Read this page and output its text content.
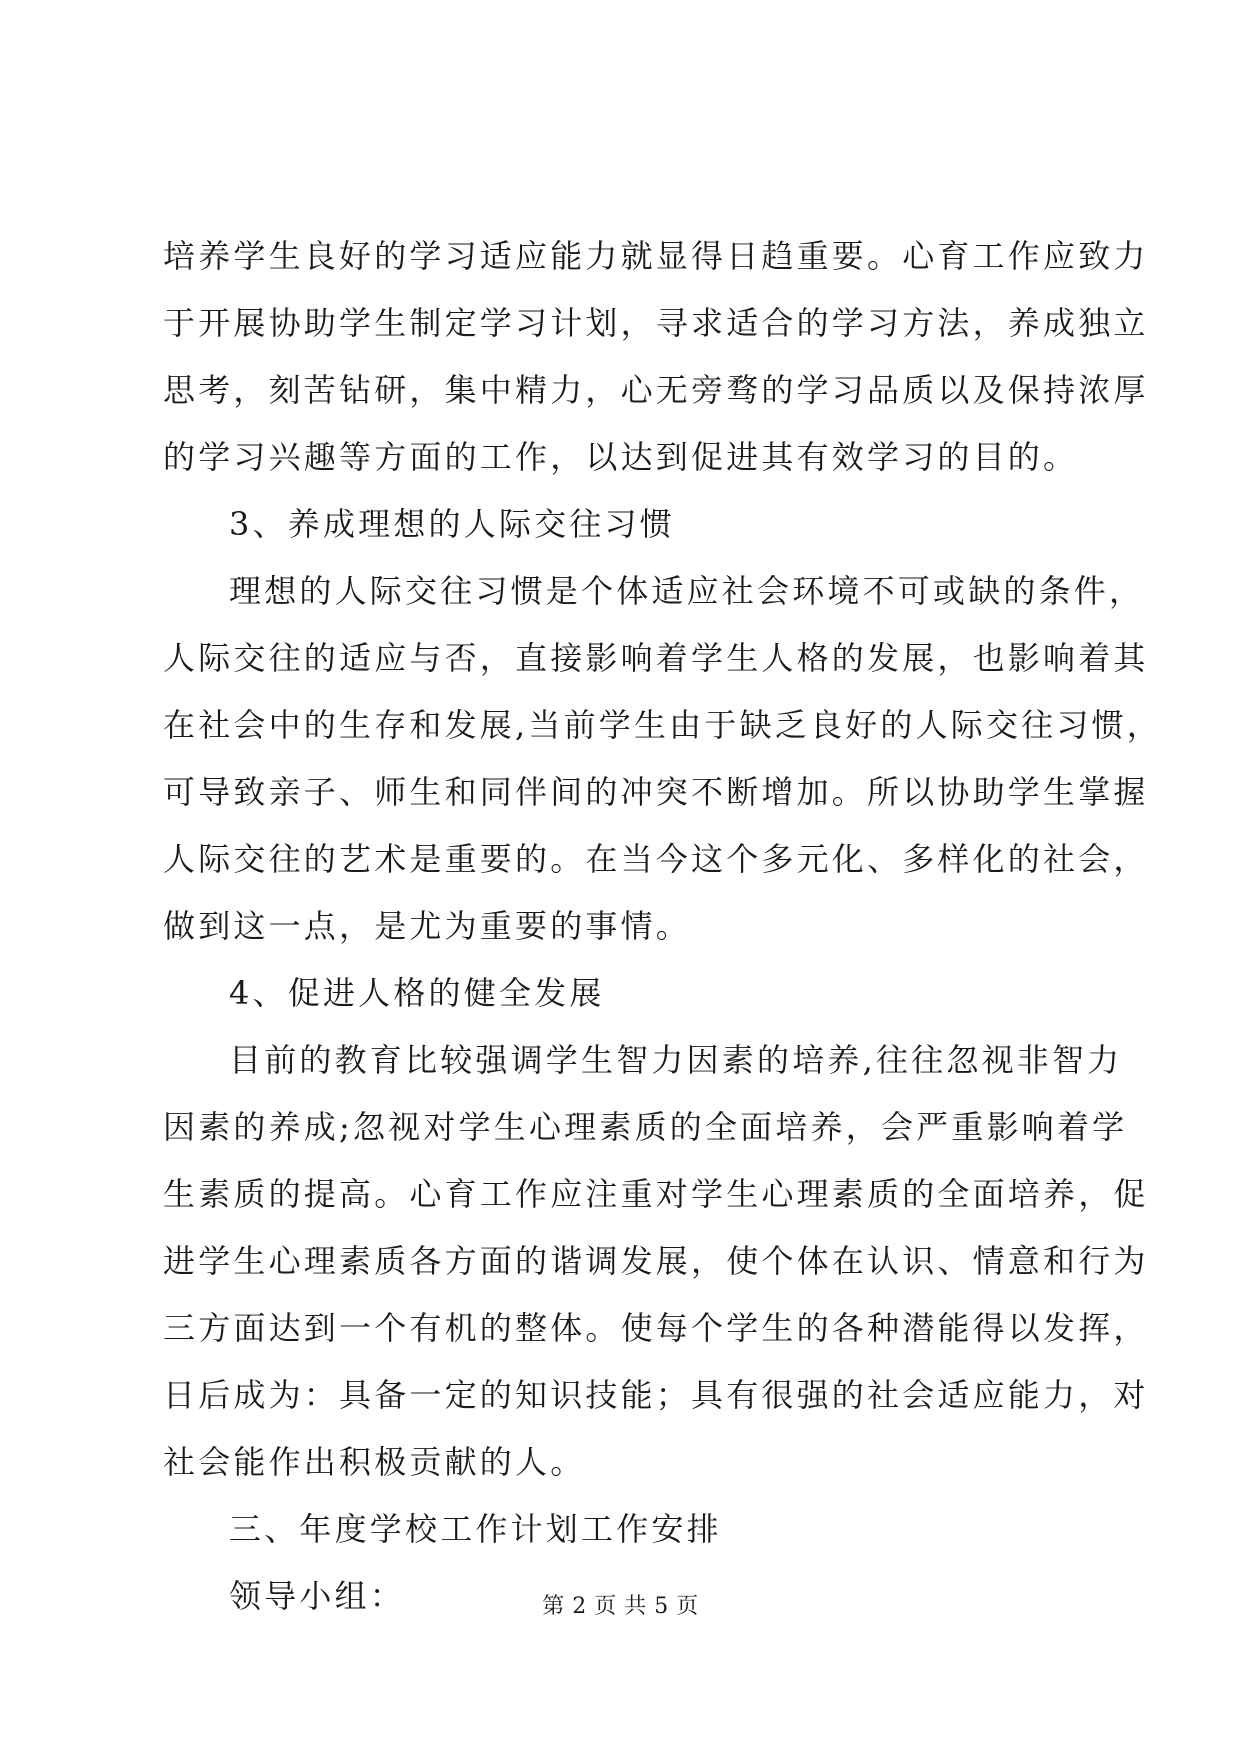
培养学生良好的学习适应能力就显得日趋重要。心育工作应致力
于开展协助学生制定学习计划，寻求适合的学习方法，养成独立
思考，刻苦钻研，集中精力，心无旁骛的学习品质以及保持浓厚
的学习兴趣等方面的工作，以达到促进其有效学习的目的。
3、养成理想的人际交往习惯
理想的人际交往习惯是个体适应社会环境不可或缺的条件，
人际交往的适应与否，直接影响着学生人格的发展，也影响着其
在社会中的生存和发展,当前学生由于缺乏良好的人际交往习惯，
可导致亲子、师生和同伴间的冲突不断增加。所以协助学生掌握
人际交往的艺术是重要的。在当今这个多元化、多样化的社会，
做到这一点，是尤为重要的事情。
4、促进人格的健全发展
目前的教育比较强调学生智力因素的培养,往往忽视非智力
因素的养成;忽视对学生心理素质的全面培养，会严重影响着学
生素质的提高。心育工作应注重对学生心理素质的全面培养，促
进学生心理素质各方面的谐调发展，使个体在认识、情意和行为
三方面达到一个有机的整体。使每个学生的各种潜能得以发挥，
日后成为：具备一定的知识技能；具有很强的社会适应能力，对
社会能作出积极贡献的人。
三、年度学校工作计划工作安排
领导小组：	第 2 页 共 5 页
